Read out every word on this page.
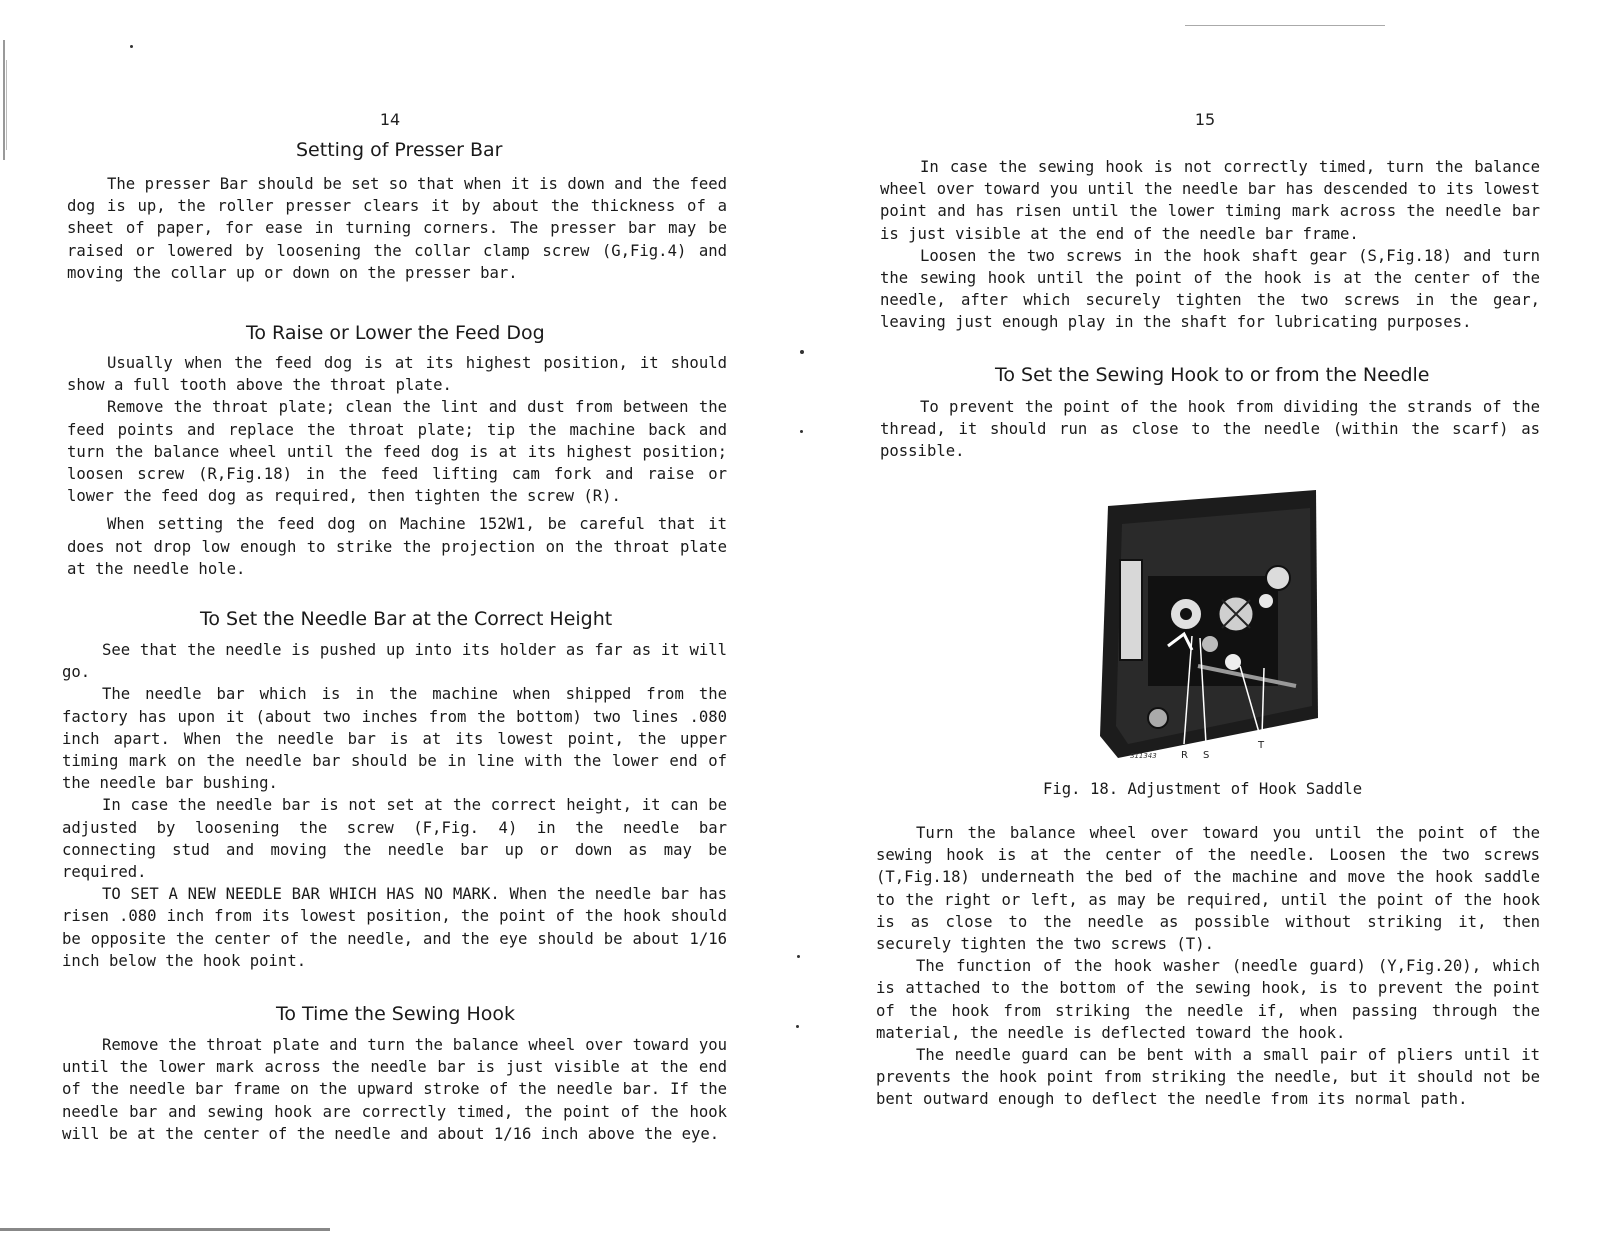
14
Setting of Presser Bar

The presser Bar should be set so that when it is down and the feed dog is up, the roller presser clears it by about the thickness of a sheet of paper, for ease in turning corners. The presser bar may be raised or lowered by loosening the collar clamp screw (G,Fig.4) and moving the collar up or down on the presser bar.

To Raise or Lower the Feed Dog

Usually when the feed dog is at its highest position, it should show a full tooth above the throat plate.

Remove the throat plate; clean the lint and dust from between the feed points and replace the throat plate; tip the machine back and turn the balance wheel until the feed dog is at its highest position; loosen screw (R,Fig.18) in the feed lifting cam fork and raise or lower the feed dog as required, then tighten the screw (R).

When setting the feed dog on Machine 152W1, be careful that it does not drop low enough to strike the projection on the throat plate at the needle hole.

To Set the Needle Bar at the Correct Height

See that the needle is pushed up into its holder as far as it will go.

The needle bar which is in the machine when shipped from the factory has upon it (about two inches from the bottom) two lines .080 inch apart. When the needle bar is at its lowest point, the upper timing mark on the needle bar should be in line with the lower end of the needle bar bushing.

In case the needle bar is not set at the correct height, it can be adjusted by loosening the screw (F,Fig. 4) in the needle bar connecting stud and moving the needle bar up or down as may be required.

TO SET A NEW NEEDLE BAR WHICH HAS NO MARK. When the needle bar has risen .080 inch from its lowest position, the point of the hook should be opposite the center of the needle, and the eye should be about 1/16 inch below the hook point.

To Time the Sewing Hook

Remove the throat plate and turn the balance wheel over toward you until the lower mark across the needle bar is just visible at the end of the needle bar frame on the upward stroke of the needle bar. If the needle bar and sewing hook are correctly timed, the point of the hook will be at the center of the needle and about 1/16 inch above the eye.

15

In case the sewing hook is not correctly timed, turn the balance wheel over toward you until the needle bar has descended to its lowest point and has risen until the lower timing mark across the needle bar is just visible at the end of the needle bar frame.

Loosen the two screws in the hook shaft gear (S,Fig.18) and turn the sewing hook until the point of the hook is at the center of the needle, after which securely tighten the two screws in the gear, leaving just enough play in the shaft for lubricating purposes.

To Set the Sewing Hook to or from the Needle

To prevent the point of the hook from dividing the strands of the thread, it should run as close to the needle (within the scarf) as possible.

R S
T
S11343
Fig. 18. Adjustment of Hook Saddle

Turn the balance wheel over toward you until the point of the sewing hook is at the center of the needle. Loosen the two screws (T,Fig.18) underneath the bed of the machine and move the hook saddle to the right or left, as may be required, until the point of the hook is as close to the needle as possible without striking it, then securely tighten the two screws (T).

The function of the hook washer (needle guard) (Y,Fig.20), which is attached to the bottom of the sewing hook, is to prevent the point of the hook from striking the needle if, when passing through the material, the needle is deflected toward the hook.

The needle guard can be bent with a small pair of pliers until it prevents the hook point from striking the needle, but it should not be bent outward enough to deflect the needle from its normal path.
